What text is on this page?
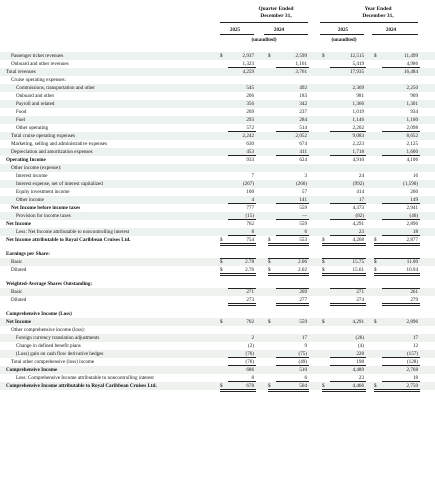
Quarter Ended
December 31,
Year Ended
December 31,
2025	2024	2025	2024
(unaudited)	(unaudited)
Passenger ticket revenues	$	2,937	$	2,599	$	12,515 $	11,499
Onboard and other revenues	1,323	1,161	5,419	4,986
Total revenues	4,259	3,761	17,935	16,484
Cruise operating expenses:
Commissions, transportation and other	545	492	2,369	2,250
Onboard and other	206	183	981	909
Payroll and related	356	342	1,366	1,301
Food	269	237	1,019	934
Fuel	293	284	1,146	1,160
Other operating	572	514	2,202	2,098
Total cruise operating expenses	2,242	2,052	9,083	8,652
Marketing, selling and administrative expenses	630	674	2,223	2,125
Depreciation and amortization expenses	453	411	1,718	1,600
Operating Income	933	624	4,910	4,106
Other income (expense):
Interest income	7	3	24	16
Interest expense, net of interest capitalized	(267)	(266)	(992)	(1,590)
Equity investment income	100	57	414	260
Other income	4	141	17	149
Net Income before income taxes	777	559	4,373	2,941
Provision for income taxes	(15)	—	(82)	(46)
Net Income	762	559	4,291	2,896
Less: Net Income attributable to noncontrolling interest	8	6	23	18
Net Income attributable to Royal Caribbean Cruises Ltd.	$	754	$	553	$	4,268 $	2,877
Earnings per Share:
Basic	$	2.78	$	2.06	$	15.75 $	11.00
Diluted	$	2.76	$	2.02	$	15.61 $	10.94
Weighted-Average Shares Outstanding:
Basic	271	269	271	261
Diluted	273	277	274	279
Comprehensive Income (Loss)
Net Income	$	762	$	559	$	4,291 $	2,896
Other comprehensive income (loss):
Foreign currency translation adjustments	2	17	(26)	17
Change in defined benefit plans	(2)	9	(4)	12
(Loss) gain on cash flow derivative hedges	(76)	(75)	228	(157)
Total other comprehensive (loss) income	(76)	(49)	198	(128)
Comprehensive Income	686	510	4,489	2,768
Less: Comprehensive Income attributable to noncontrolling interest	8	6	23	18
Comprehensive Income attributable to Royal Caribbean Cruises Ltd.	$	678	$	504	$	4,466 $	2,750
